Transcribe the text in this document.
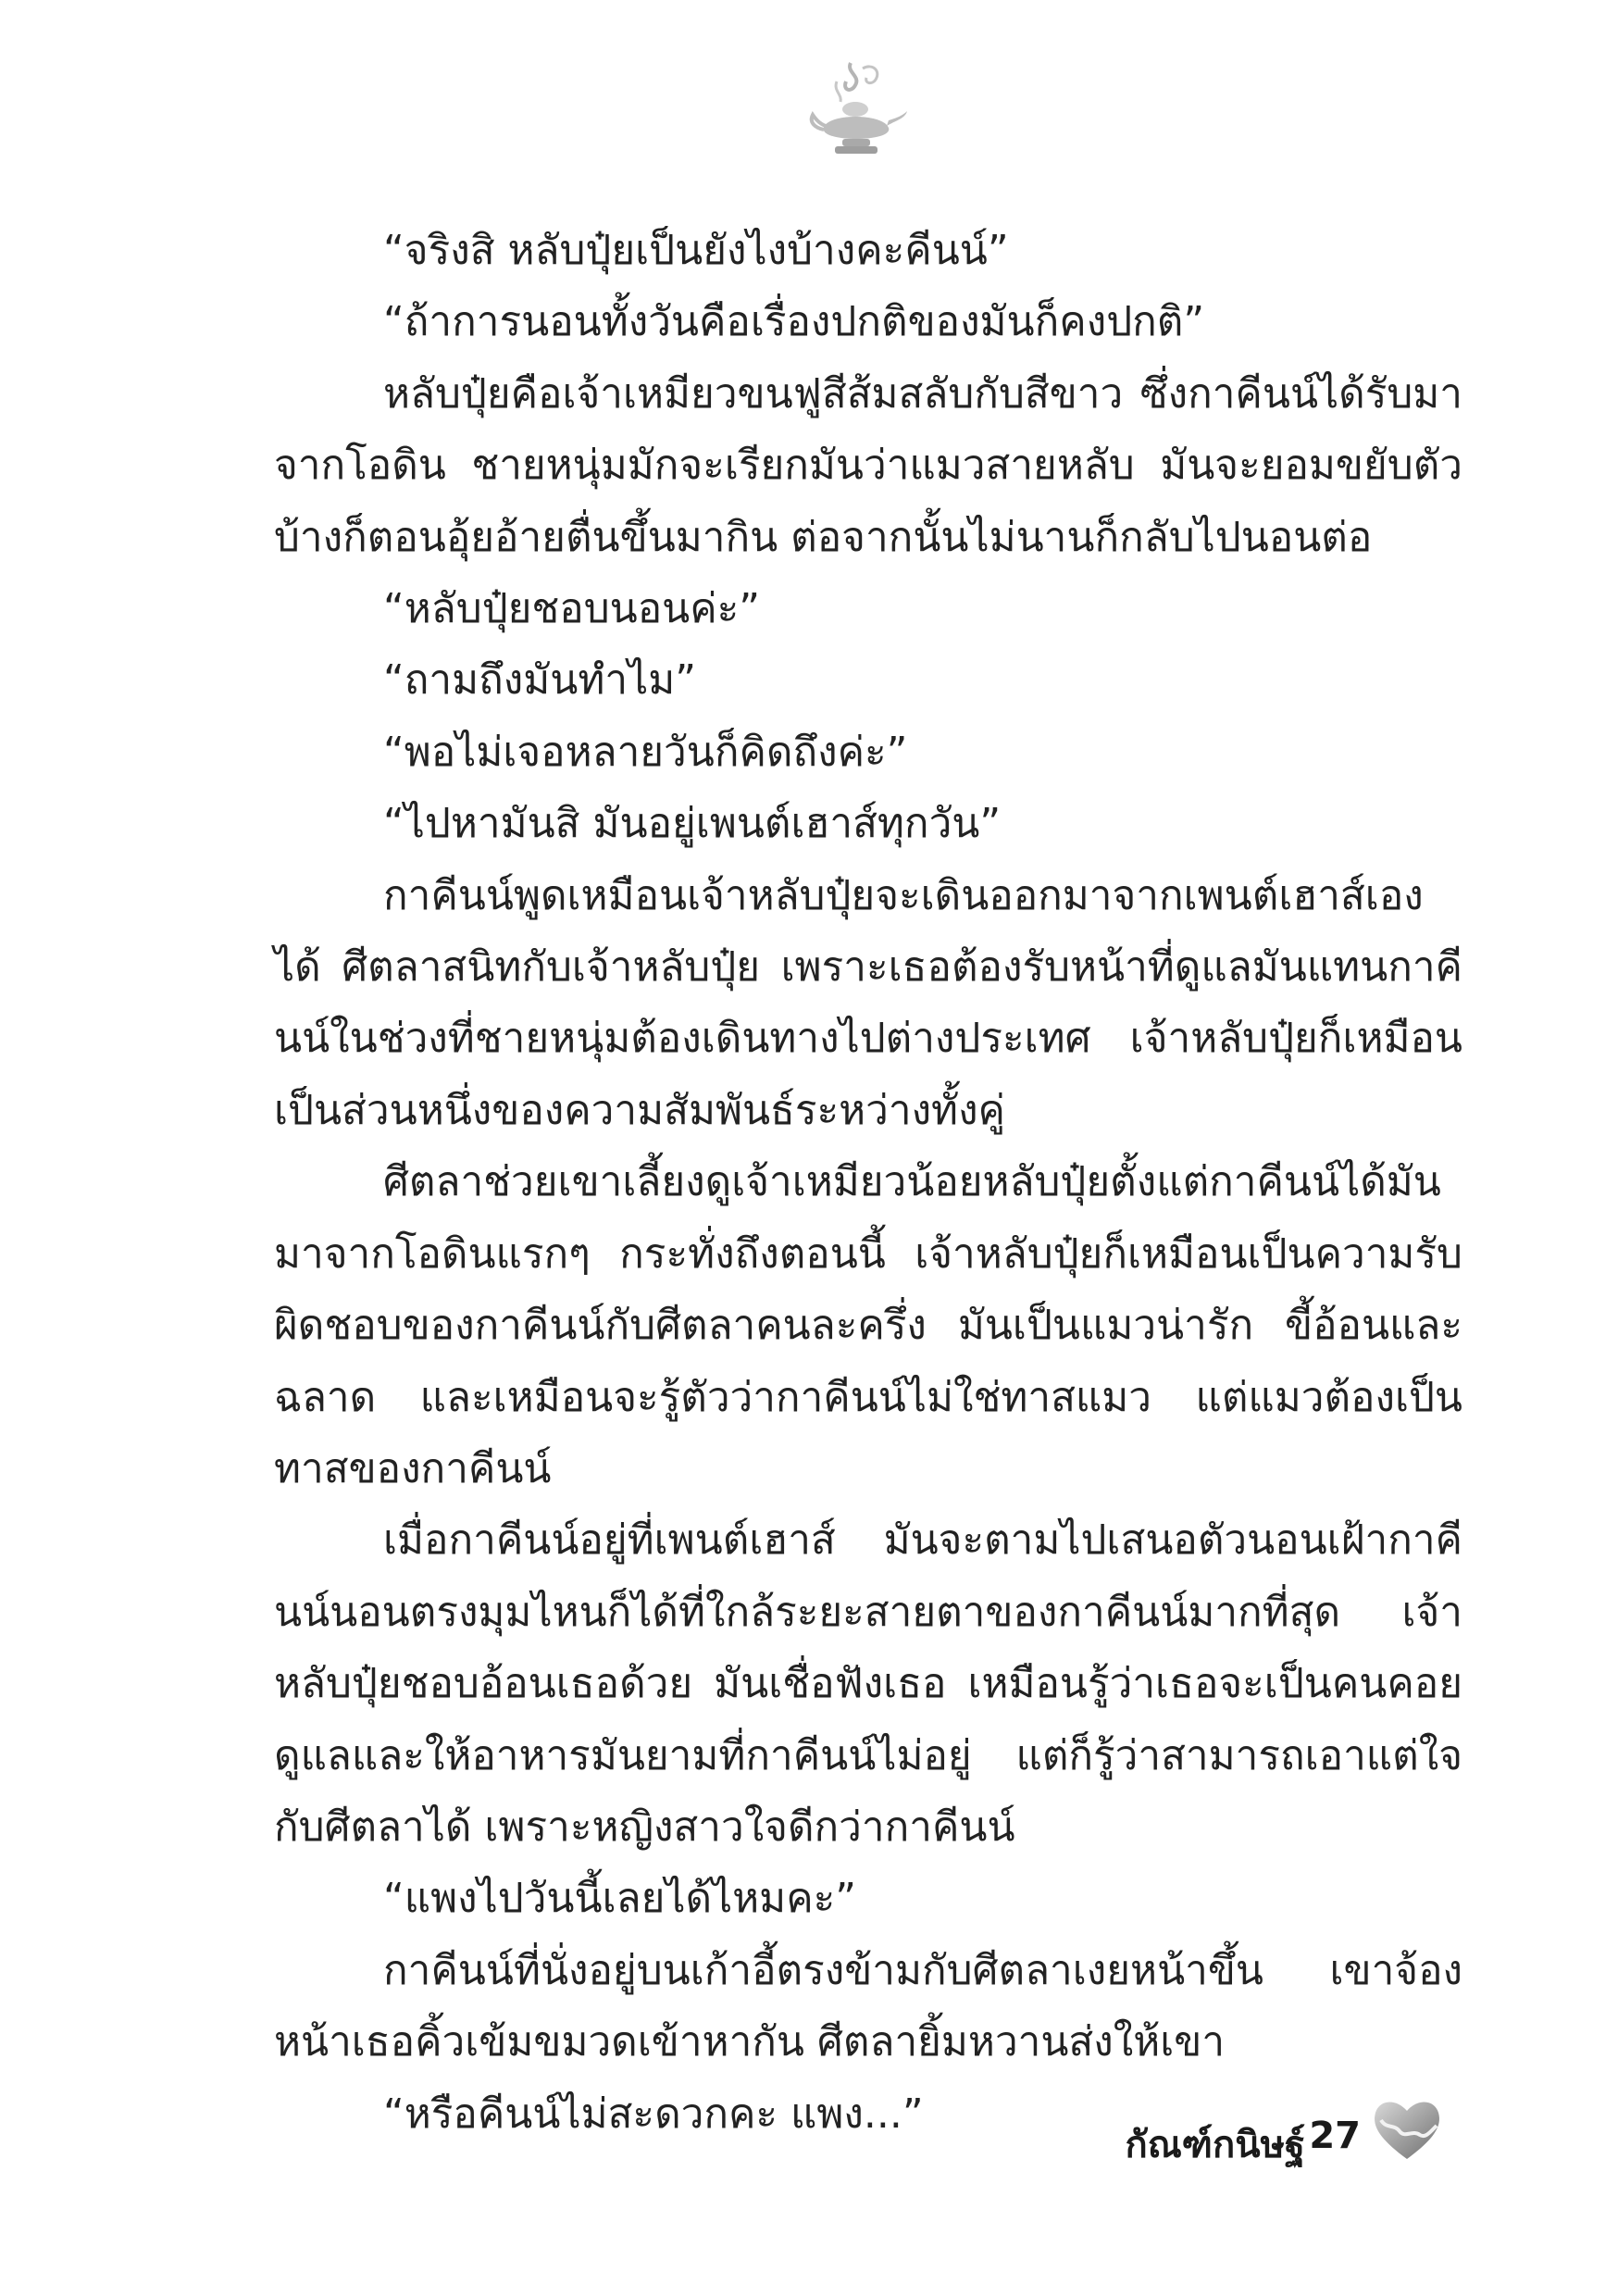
“จริงสิ หลับปุ๋ยเป็นยังไงบ้างคะคีนน์”

“ถ้าการนอนทั้งวันคือเรื่องปกติของมันก็คงปกติ”

หลับปุ๋ยคือเจ้าเหมียวขนฟูสีส้มสลับกับสีขาว ซึ่งกาคีนน์ได้รับมาจากโอดิน ชายหนุ่มมักจะเรียกมันว่าแมวสายหลับ มันจะยอมขยับตัวบ้างก็ตอนอุ้ยอ้ายตื่นขึ้นมากิน ต่อจากนั้นไม่นานก็กลับไปนอนต่อ

“หลับปุ๋ยชอบนอนค่ะ”

“ถามถึงมันทำไม”

“พอไม่เจอหลายวันก็คิดถึงค่ะ”

“ไปหามันสิ มันอยู่เพนต์เฮาส์ทุกวัน”

กาคีนน์พูดเหมือนเจ้าหลับปุ๋ยจะเดินออกมาจากเพนต์เฮาส์เองได้ ศีตลาสนิทกับเจ้าหลับปุ๋ย เพราะเธอต้องรับหน้าที่ดูแลมันแทนกาคีนน์ในช่วงที่ชายหนุ่มต้องเดินทางไปต่างประเทศ เจ้าหลับปุ๋ยก็เหมือนเป็นส่วนหนึ่งของความสัมพันธ์ระหว่างทั้งคู่

ศีตลาช่วยเขาเลี้ยงดูเจ้าเหมียวน้อยหลับปุ๋ยตั้งแต่กาคีนน์ได้มันมาจากโอดินแรกๆ กระทั่งถึงตอนนี้ เจ้าหลับปุ๋ยก็เหมือนเป็นความรับผิดชอบของกาคีนน์กับศีตลาคนละครึ่ง มันเป็นแมวน่ารัก ขี้อ้อนและฉลาด และเหมือนจะรู้ตัวว่ากาคีนน์ไม่ใช่ทาสแมว แต่แมวต้องเป็นทาสของกาคีนน์

เมื่อกาคีนน์อยู่ที่เพนต์เฮาส์ มันจะตามไปเสนอตัวนอนเฝ้ากาคีนน์นอนตรงมุมไหนก็ได้ที่ใกล้ระยะสายตาของกาคีนน์มากที่สุด เจ้าหลับปุ๋ยชอบอ้อนเธอด้วย มันเชื่อฟังเธอ เหมือนรู้ว่าเธอจะเป็นคนคอยดูแลและให้อาหารมันยามที่กาคีนน์ไม่อยู่ แต่ก็รู้ว่าสามารถเอาแต่ใจกับศีตลาได้ เพราะหญิงสาวใจดีกว่ากาคีนน์

“แพงไปวันนี้เลยได้ไหมคะ”

กาคีนน์ที่นั่งอยู่บนเก้าอี้ตรงข้ามกับศีตลาเงยหน้าขึ้น เขาจ้องหน้าเธอคิ้วเข้มขมวดเข้าหากัน ศีตลายิ้มหวานส่งให้เขา

“หรือคีนน์ไม่สะดวกคะ แพง...”

กัณฑ์กนิษฐ์ 27
